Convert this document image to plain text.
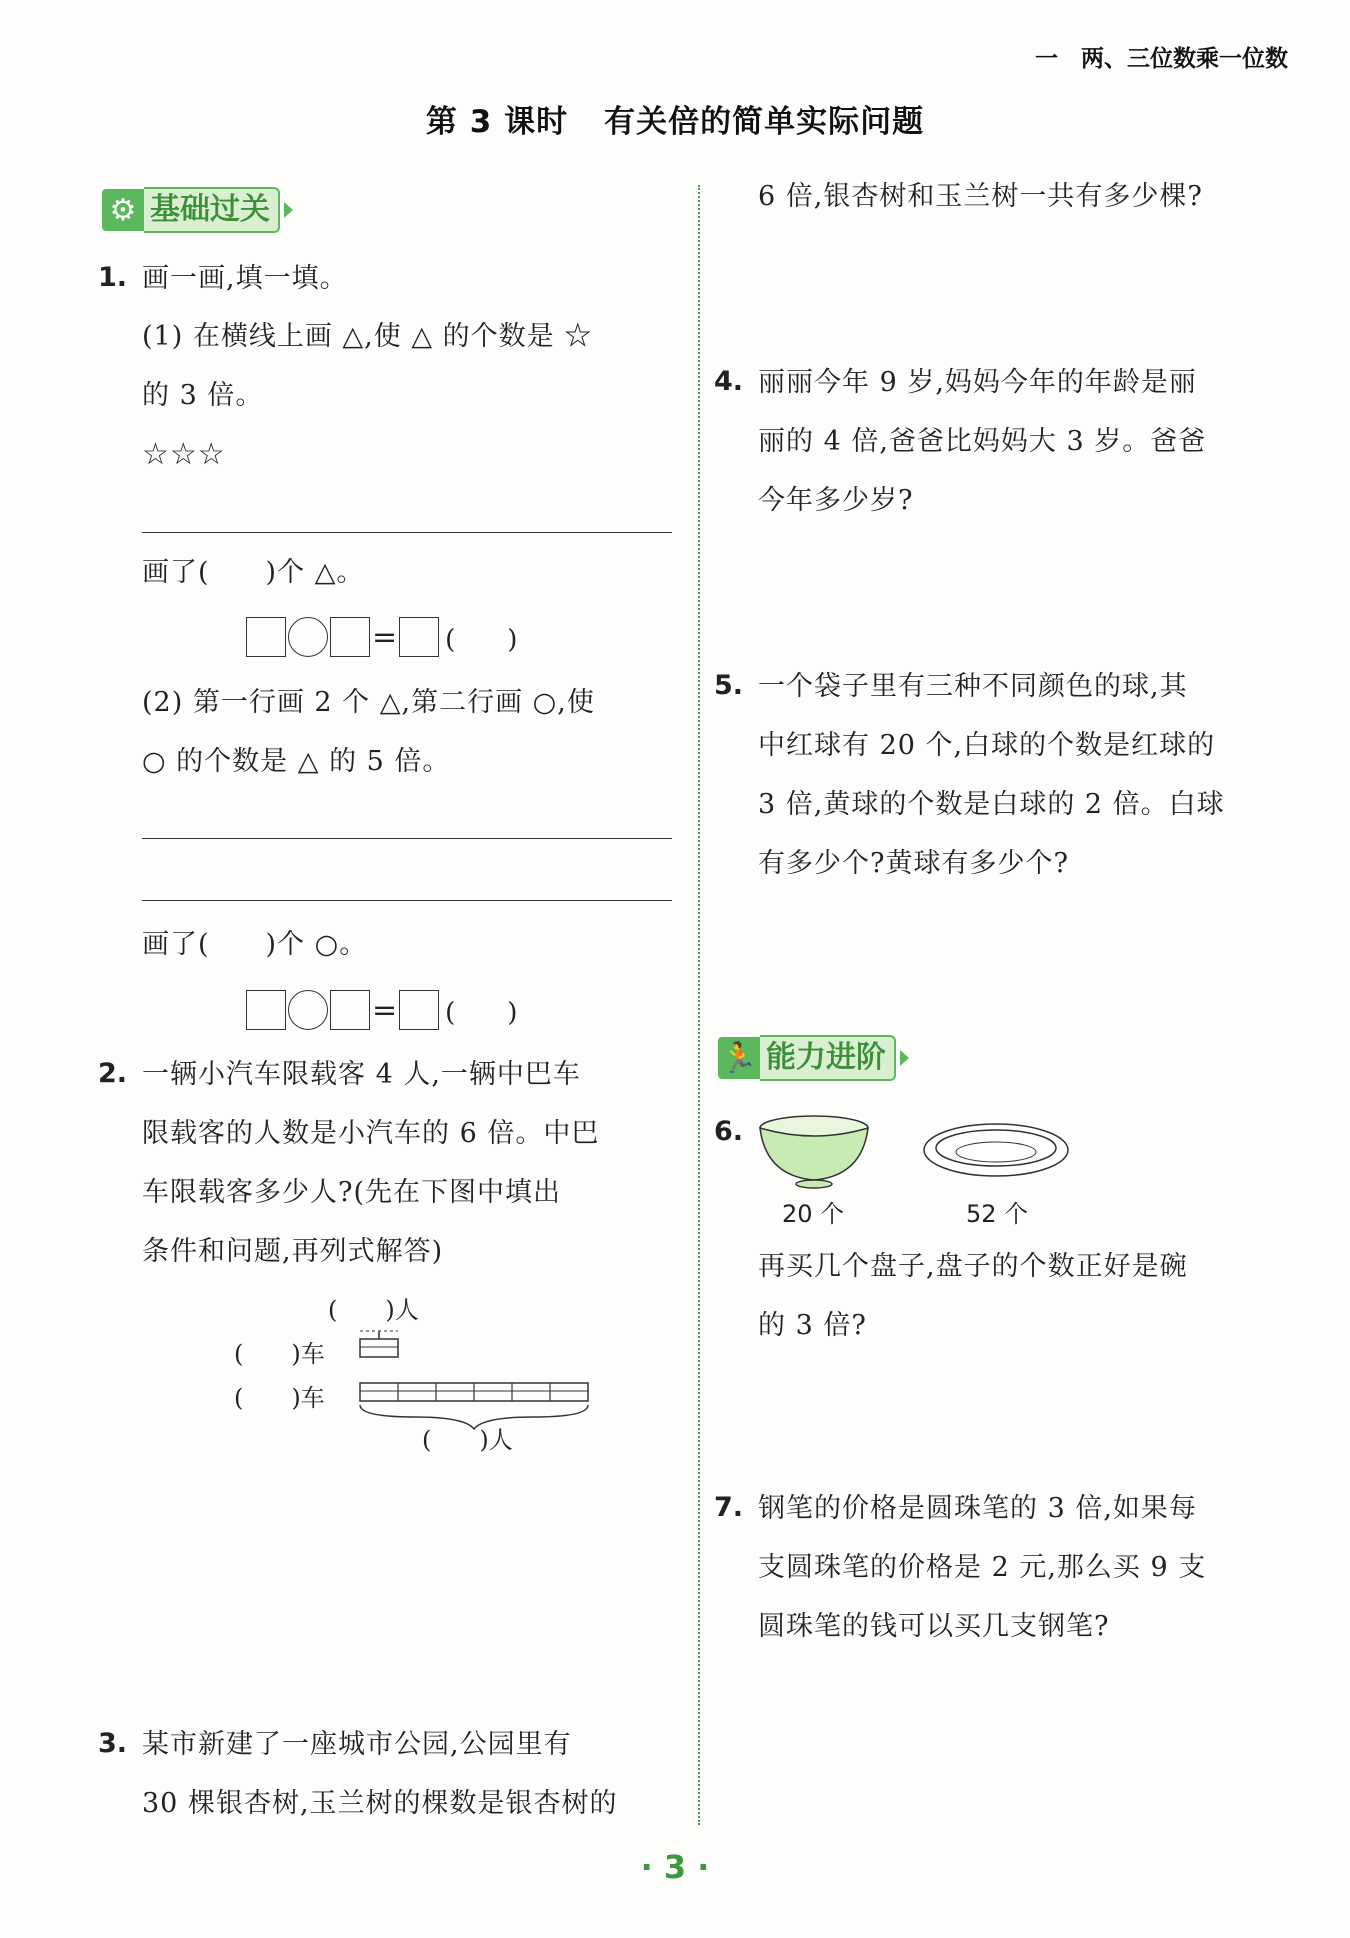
一　两、三位数乘一位数
第 3 课时 有关倍的简单实际问题
⚙ 基础过关
1. 画一画,填一填。
(1) 在横线上画 △,使 △ 的个数是 ☆
的 3 倍。
☆☆☆
画了(　　)个 △。
= (　　)
(2) 第一行画 2 个 △,第二行画 ○,使
○ 的个数是 △ 的 5 倍。
画了(　　)个 ○。
= (　　)
2. 一辆小汽车限载客 4 人,一辆中巴车
限载客的人数是小汽车的 6 倍。中巴
车限载客多少人?(先在下图中填出
条件和问题,再列式解答)
(　　)人
(　　)车
(　　)车
(　　)人
3. 某市新建了一座城市公园,公园里有
30 棵银杏树,玉兰树的棵数是银杏树的
6 倍,银杏树和玉兰树一共有多少棵?
4. 丽丽今年 9 岁,妈妈今年的年龄是丽
丽的 4 倍,爸爸比妈妈大 3 岁。爸爸
今年多少岁?
5. 一个袋子里有三种不同颜色的球,其
中红球有 20 个,白球的个数是红球的
3 倍,黄球的个数是白球的 2 倍。白球
有多少个?黄球有多少个?
🏃 能力进阶
6.
20 个	52 个
再买几个盘子,盘子的个数正好是碗
的 3 倍?
7. 钢笔的价格是圆珠笔的 3 倍,如果每
支圆珠笔的价格是 2 元,那么买 9 支
圆珠笔的钱可以买几支钢笔?
· 3 ·
